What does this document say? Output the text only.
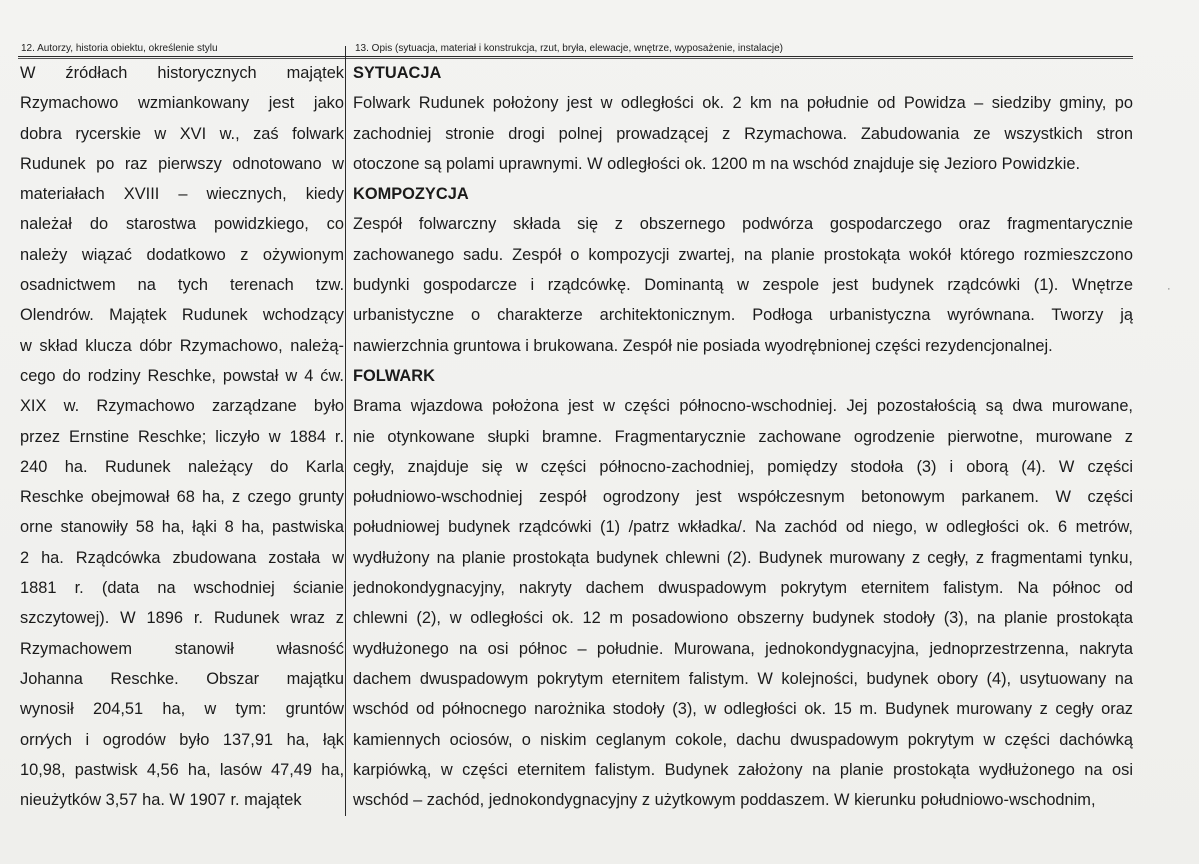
12. Autorzy, historia obiektu, określenie stylu	13. Opis (sytuacja, materiał i konstrukcja, rzut, bryła, elewacje, wnętrze, wyposażenie, instalacje)
W źródłach historycznych majątek
Rzymachowo wzmiankowany jest jako
dobra rycerskie w XVI w., zaś folwark
Rudunek po raz pierwszy odnotowano w
materiałach XVIII – wiecznych, kiedy
należał do starostwa powidzkiego, co
należy wiązać dodatkowo z ożywionym
osadnictwem na tych terenach tzw.
Olendrów. Majątek Rudunek wchodzący
w skład klucza dóbr Rzymachowo, należą-
cego do rodziny Reschke, powstał w 4 ćw.
XIX w. Rzymachowo zarządzane było
przez Ernstine Reschke; liczyło w 1884 r.
240 ha. Rudunek należący do Karla
Reschke obejmował 68 ha, z czego grunty
orne stanowiły 58 ha, łąki 8 ha, pastwiska
2 ha. Rządcówka zbudowana została w
1881 r. (data na wschodniej ścianie
szczytowej). W 1896 r. Rudunek wraz z
Rzymachowem stanowił własność
Johanna Reschke. Obszar majątku
wynosił 204,51 ha, w tym: gruntów
orn⁄ych i ogrodów było 137,91 ha, łąk
10,98, pastwisk 4,56 ha, lasów 47,49 ha,
nieużytków 3,57 ha. W 1907 r. majątek
SYTUACJA
Folwark Rudunek położony jest w odległości ok. 2 km na południe od Powidza – siedziby gminy, po
zachodniej stronie drogi polnej prowadzącej z Rzymachowa. Zabudowania ze wszystkich stron
otoczone są polami uprawnymi. W odległości ok. 1200 m na wschód znajduje się Jezioro Powidzkie.
KOMPOZYCJA
Zespół folwarczny składa się z obszernego podwórza gospodarczego oraz fragmentarycznie
zachowanego sadu. Zespół o kompozycji zwartej, na planie prostokąta wokół którego rozmieszczono
budynki gospodarcze i rządcówkę. Dominantą w zespole jest budynek rządcówki (1). Wnętrze
urbanistyczne o charakterze architektonicznym. Podłoga urbanistyczna wyrównana. Tworzy ją
nawierzchnia gruntowa i brukowana. Zespół nie posiada wyodrębnionej części rezydencjonalnej.
FOLWARK
Brama wjazdowa położona jest w części północno-wschodniej. Jej pozostałością są dwa murowane,
nie otynkowane słupki bramne. Fragmentarycznie zachowane ogrodzenie pierwotne, murowane z
cegły, znajduje się w części północno-zachodniej, pomiędzy stodoła (3) i oborą (4). W części
południowo-wschodniej zespół ogrodzony jest współczesnym betonowym parkanem. W części
południowej budynek rządcówki (1) /patrz wkładka/. Na zachód od niego, w odległości ok. 6 metrów,
wydłużony na planie prostokąta budynek chlewni (2). Budynek murowany z cegły, z fragmentami tynku,
jednokondygnacyjny, nakryty dachem dwuspadowym pokrytym eternitem falistym. Na północ od
chlewni (2), w odległości ok. 12 m posadowiono obszerny budynek stodoły (3), na planie prostokąta
wydłużonego na osi północ – południe. Murowana, jednokondygnacyjna, jednoprzestrzenna, nakryta
dachem dwuspadowym pokrytym eternitem falistym. W kolejności, budynek obory (4), usytuowany na
wschód od północnego narożnika stodoły (3), w odległości ok. 15 m. Budynek murowany z cegły oraz
kamiennych ociosów, o niskim ceglanym cokole, dachu dwuspadowym pokrytym w części dachówką
karpiówką, w części eternitem falistym. Budynek założony na planie prostokąta wydłużonego na osi
wschód – zachód, jednokondygnacyjny z użytkowym poddaszem. W kierunku południowo-wschodnim,
·
